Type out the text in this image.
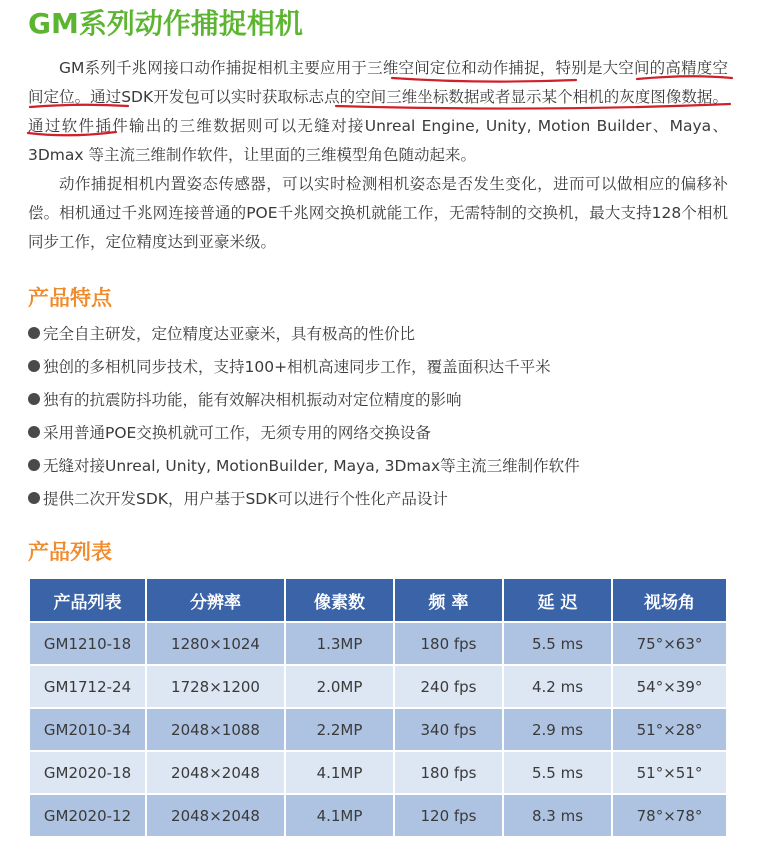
GM系列动作捕捉相机

GM系列千兆网接口动作捕捉相机主要应用于三维空间定位和动作捕捉，特别是大空间的高精度空间定位。通过SDK开发包可以实时获取标志点的空间三维坐标数据或者显示某个相机的灰度图像数据。通过软件插件输出的三维数据则可以无缝对接Unreal Engine, Unity, Motion Builder、Maya、3Dmax 等主流三维制作软件，让里面的三维模型角色随动起来。

动作捕捉相机内置姿态传感器，可以实时检测相机姿态是否发生变化，进而可以做相应的偏移补偿。相机通过千兆网连接普通的POE千兆网交换机就能工作，无需特制的交换机，最大支持128个相机同步工作，定位精度达到亚豪米级。

产品特点
完全自主研发，定位精度达亚豪米，具有极高的性价比
独创的多相机同步技术，支持100+相机高速同步工作，覆盖面积达千平米
独有的抗震防抖功能，能有效解决相机振动对定位精度的影响
采用普通POE交换机就可工作，无须专用的网络交换设备
无缝对接Unreal, Unity, MotionBuilder, Maya, 3Dmax等主流三维制作软件
提供二次开发SDK，用户基于SDK可以进行个性化产品设计
产品列表
产品列表	分辨率	像素数	频 率	延 迟	视场角
GM1210-18	1280×1024	1.3MP	180 fps	5.5 ms	75°×63°
GM1712-24	1728×1200	2.0MP	240 fps	4.2 ms	54°×39°
GM2010-34	2048×1088	2.2MP	340 fps	2.9 ms	51°×28°
GM2020-18	2048×2048	4.1MP	180 fps	5.5 ms	51°×51°
GM2020-12	2048×2048	4.1MP	120 fps	8.3 ms	78°×78°
